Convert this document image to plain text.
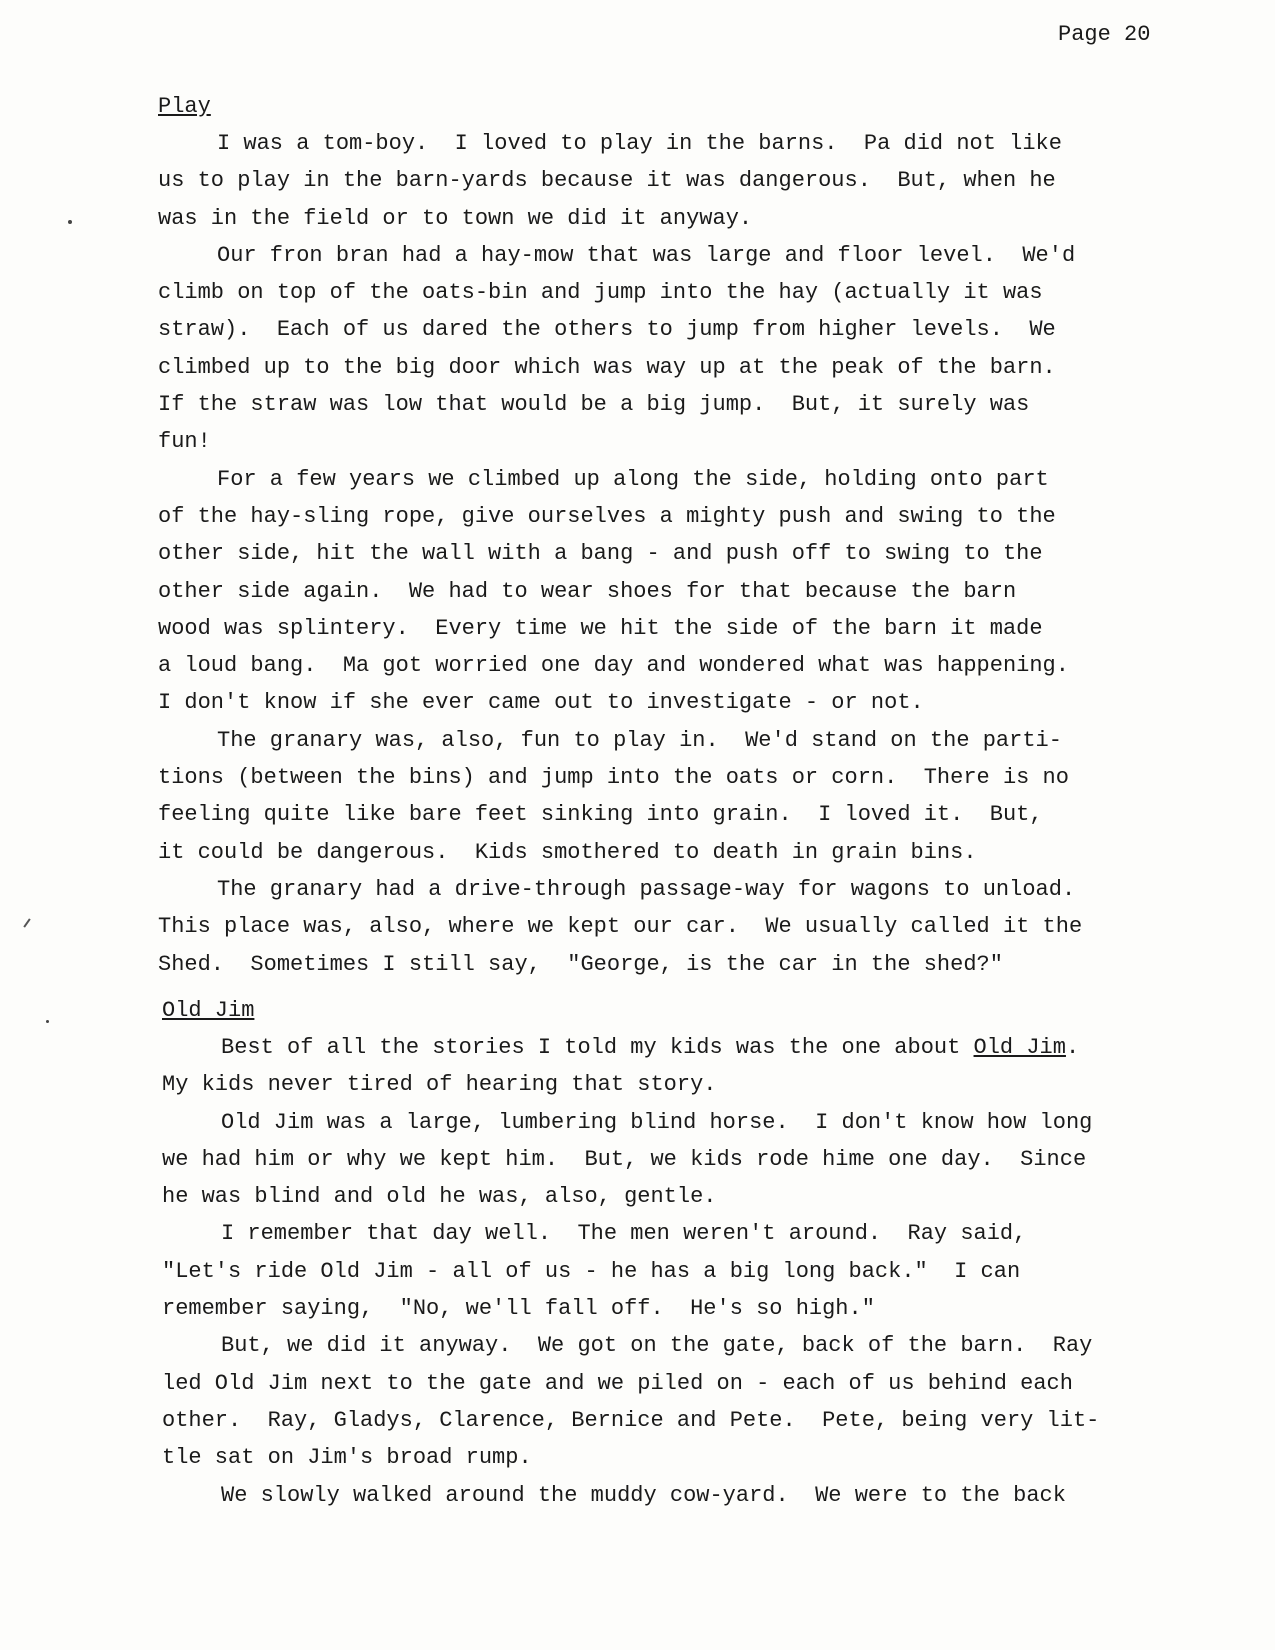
Page 20
Play
I was a tom-boy.  I loved to play in the barns.  Pa did not like
us to play in the barn-yards because it was dangerous.  But, when he
was in the field or to town we did it anyway.
Our fron bran had a hay-mow that was large and floor level.  We'd
climb on top of the oats-bin and jump into the hay (actually it was
straw).  Each of us dared the others to jump from higher levels.  We
climbed up to the big door which was way up at the peak of the barn.
If the straw was low that would be a big jump.  But, it surely was
fun!
For a few years we climbed up along the side, holding onto part
of the hay-sling rope, give ourselves a mighty push and swing to the
other side, hit the wall with a bang - and push off to swing to the
other side again.  We had to wear shoes for that because the barn
wood was splintery.  Every time we hit the side of the barn it made
a loud bang.  Ma got worried one day and wondered what was happening.
I don't know if she ever came out to investigate - or not.
The granary was, also, fun to play in.  We'd stand on the parti-
tions (between the bins) and jump into the oats or corn.  There is no
feeling quite like bare feet sinking into grain.  I loved it.  But,
it could be dangerous.  Kids smothered to death in grain bins.
The granary had a drive-through passage-way for wagons to unload.
This place was, also, where we kept our car.  We usually called it the
Shed.  Sometimes I still say,  "George, is the car in the shed?"
Old Jim
Best of all the stories I told my kids was the one about Old Jim.
My kids never tired of hearing that story.
Old Jim was a large, lumbering blind horse.  I don't know how long
we had him or why we kept him.  But, we kids rode hime one day.  Since
he was blind and old he was, also, gentle.
I remember that day well.  The men weren't around.  Ray said,
"Let's ride Old Jim - all of us - he has a big long back."  I can
remember saying,  "No, we'll fall off.  He's so high."
But, we did it anyway.  We got on the gate, back of the barn.  Ray
led Old Jim next to the gate and we piled on - each of us behind each
other.  Ray, Gladys, Clarence, Bernice and Pete.  Pete, being very lit-
tle sat on Jim's broad rump.
We slowly walked around the muddy cow-yard.  We were to the back
